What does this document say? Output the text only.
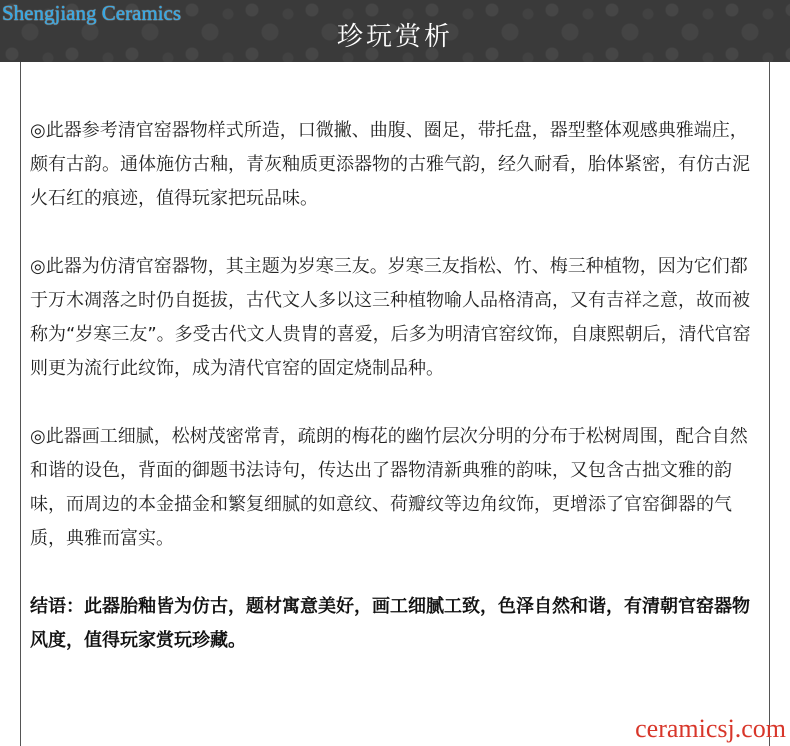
珍玩赏析
Shengjiang Ceramics

◎此器参考清官窑器物样式所造，口微撇、曲腹、圈足，带托盘，器型整体观感典雅端庄，颇有古韵。通体施仿古釉，青灰釉质更添器物的古雅气韵，经久耐看，胎体紧密，有仿古泥火石红的痕迹，值得玩家把玩品味。

◎此器为仿清官窑器物，其主题为岁寒三友。岁寒三友指松、竹、梅三种植物，因为它们都于万木凋落之时仍自挺拔，古代文人多以这三种植物喻人品格清高，又有吉祥之意，故而被称为“岁寒三友”。多受古代文人贵胄的喜爱，后多为明清官窑纹饰，自康熙朝后，清代官窑则更为流行此纹饰，成为清代官窑的固定烧制品种。

◎此器画工细腻，松树茂密常青，疏朗的梅花的幽竹层次分明的分布于松树周围，配合自然和谐的设色，背面的御题书法诗句，传达出了器物清新典雅的韵味，又包含古拙文雅的韵味，而周边的本金描金和繁复细腻的如意纹、荷瓣纹等边角纹饰，更增添了官窑御器的气质，典雅而富实。

结语：此器胎釉皆为仿古，题材寓意美好，画工细腻工致，色泽自然和谐，有清朝官窑器物风度，值得玩家赏玩珍藏。

ceramicsj.com
